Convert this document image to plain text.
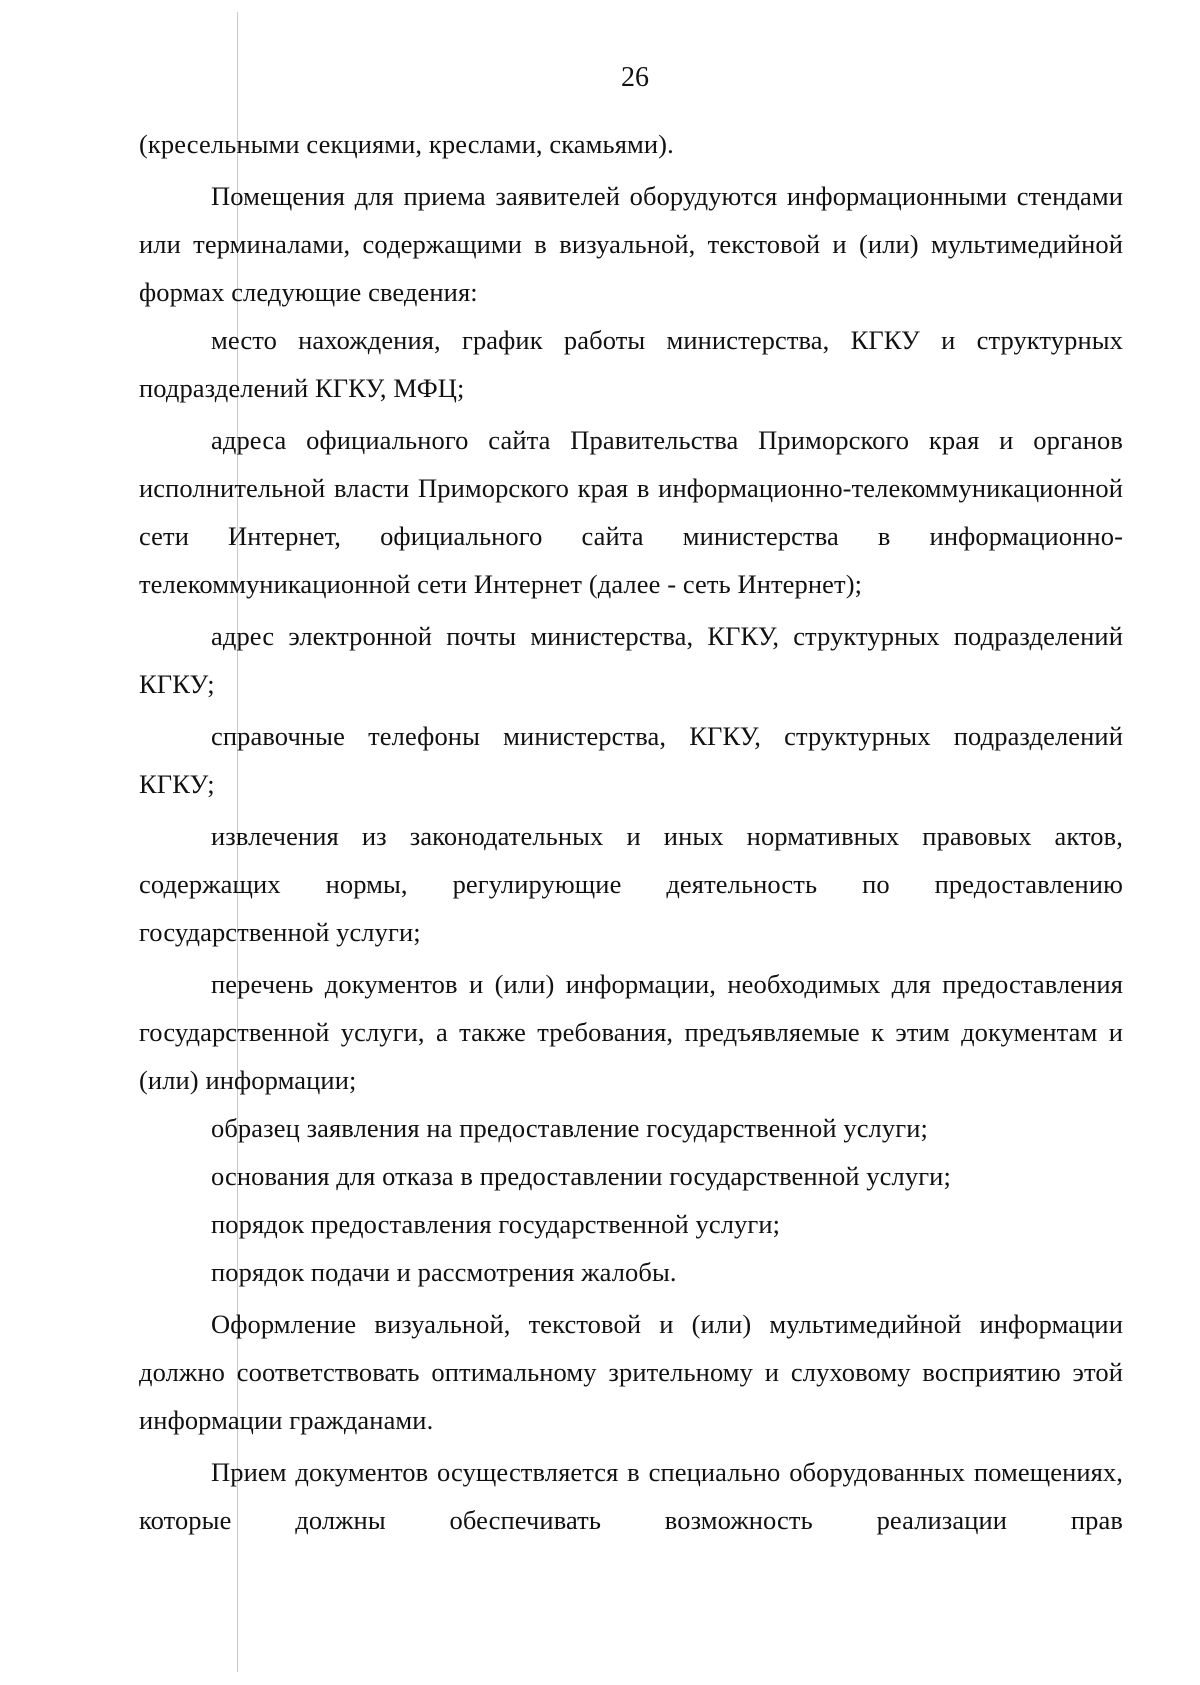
26

(кресельными секциями, креслами, скамьями).

Помещения для приема заявителей оборудуются информационными стендами или терминалами, содержащими в визуальной, текстовой и (или) мультимедийной формах следующие сведения:

место нахождения, график работы министерства, КГКУ и структурных подразделений КГКУ, МФЦ;

адреса официального сайта Правительства Приморского края и органов исполнительной власти Приморского края в информационно-телекоммуникационной сети Интернет, официального сайта министерства в информационно-телекоммуникационной сети Интернет (далее - сеть Интернет);

адрес электронной почты министерства, КГКУ, структурных подразделений КГКУ;

справочные телефоны министерства, КГКУ, структурных подразделений КГКУ;

извлечения из законодательных и иных нормативных правовых актов, содержащих нормы, регулирующие деятельность по предоставлению государственной услуги;

перечень документов и (или) информации, необходимых для предоставления государственной услуги, а также требования, предъявляемые к этим документам и (или) информации;

образец заявления на предоставление государственной услуги;

основания для отказа в предоставлении государственной услуги;

порядок предоставления государственной услуги;

порядок подачи и рассмотрения жалобы.

Оформление визуальной, текстовой и (или) мультимедийной информации должно соответствовать оптимальному зрительному и слуховому восприятию этой информации гражданами.

Прием документов осуществляется в специально оборудованных помещениях, которые должны обеспечивать возможность реализации прав
